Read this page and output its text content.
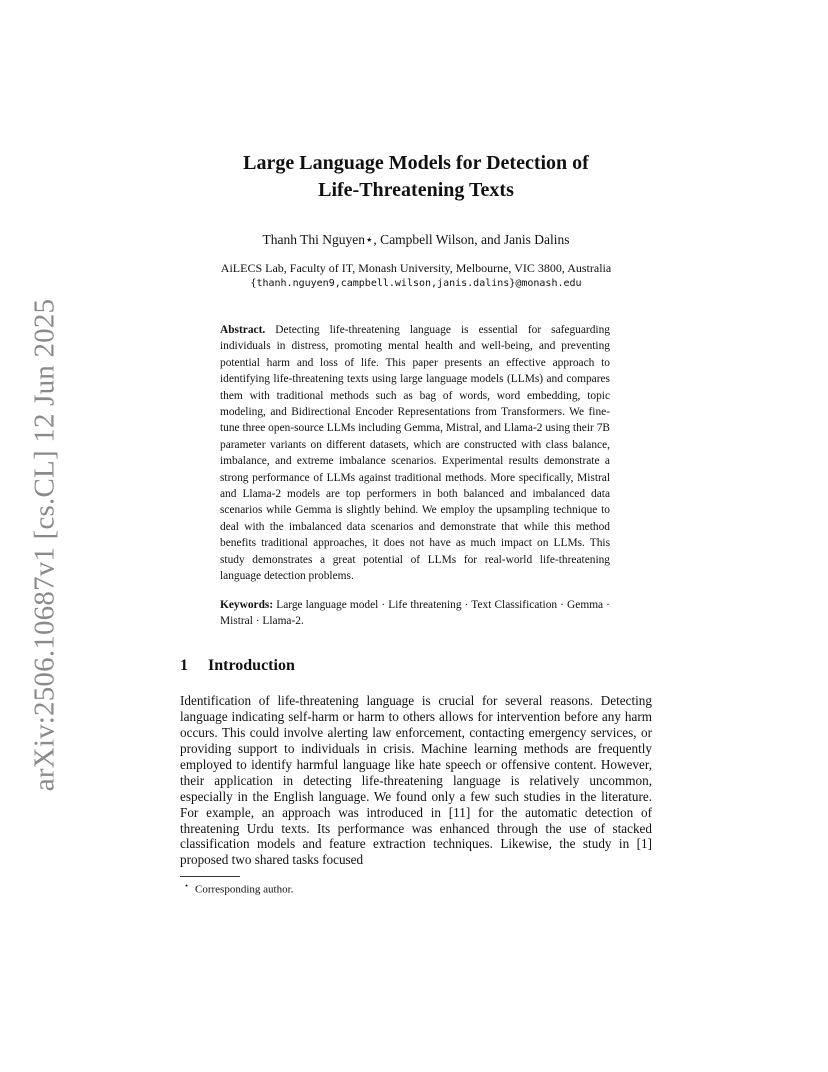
arXiv:2506.10687v1 [cs.CL] 12 Jun 2025
Large Language Models for Detection of
Life-Threatening Texts
Thanh Thi Nguyen⋆, Campbell Wilson, and Janis Dalins
AiLECS Lab, Faculty of IT, Monash University, Melbourne, VIC 3800, Australia
{thanh.nguyen9,campbell.wilson,janis.dalins}@monash.edu
Abstract. Detecting life-threatening language is essential for safeguarding individuals in distress, promoting mental health and well-being, and preventing potential harm and loss of life. This paper presents an effective approach to identifying life-threatening texts using large language models (LLMs) and compares them with traditional methods such as bag of words, word embedding, topic modeling, and Bidirectional Encoder Representations from Transformers. We fine-tune three open-source LLMs including Gemma, Mistral, and Llama-2 using their 7B parameter variants on different datasets, which are constructed with class balance, imbalance, and extreme imbalance scenarios. Experimental results demonstrate a strong performance of LLMs against traditional methods. More specifically, Mistral and Llama-2 models are top performers in both balanced and imbalanced data scenarios while Gemma is slightly behind. We employ the upsampling technique to deal with the imbalanced data scenarios and demonstrate that while this method benefits traditional approaches, it does not have as much impact on LLMs. This study demonstrates a great potential of LLMs for real-world life-threatening language detection problems.
Keywords: Large language model · Life threatening · Text Classification · Gemma · Mistral · Llama-2.
1 Introduction
Identification of life-threatening language is crucial for several reasons. Detecting language indicating self-harm or harm to others allows for intervention before any harm occurs. This could involve alerting law enforcement, contacting emergency services, or providing support to individuals in crisis. Machine learning methods are frequently employed to identify harmful language like hate speech or offensive content. However, their application in detecting life-threatening language is relatively uncommon, especially in the English language. We found only a few such studies in the literature. For example, an approach was introduced in [11] for the automatic detection of threatening Urdu texts. Its performance was enhanced through the use of stacked classification models and feature extraction techniques. Likewise, the study in [1] proposed two shared tasks focused
⋆ Corresponding author.
